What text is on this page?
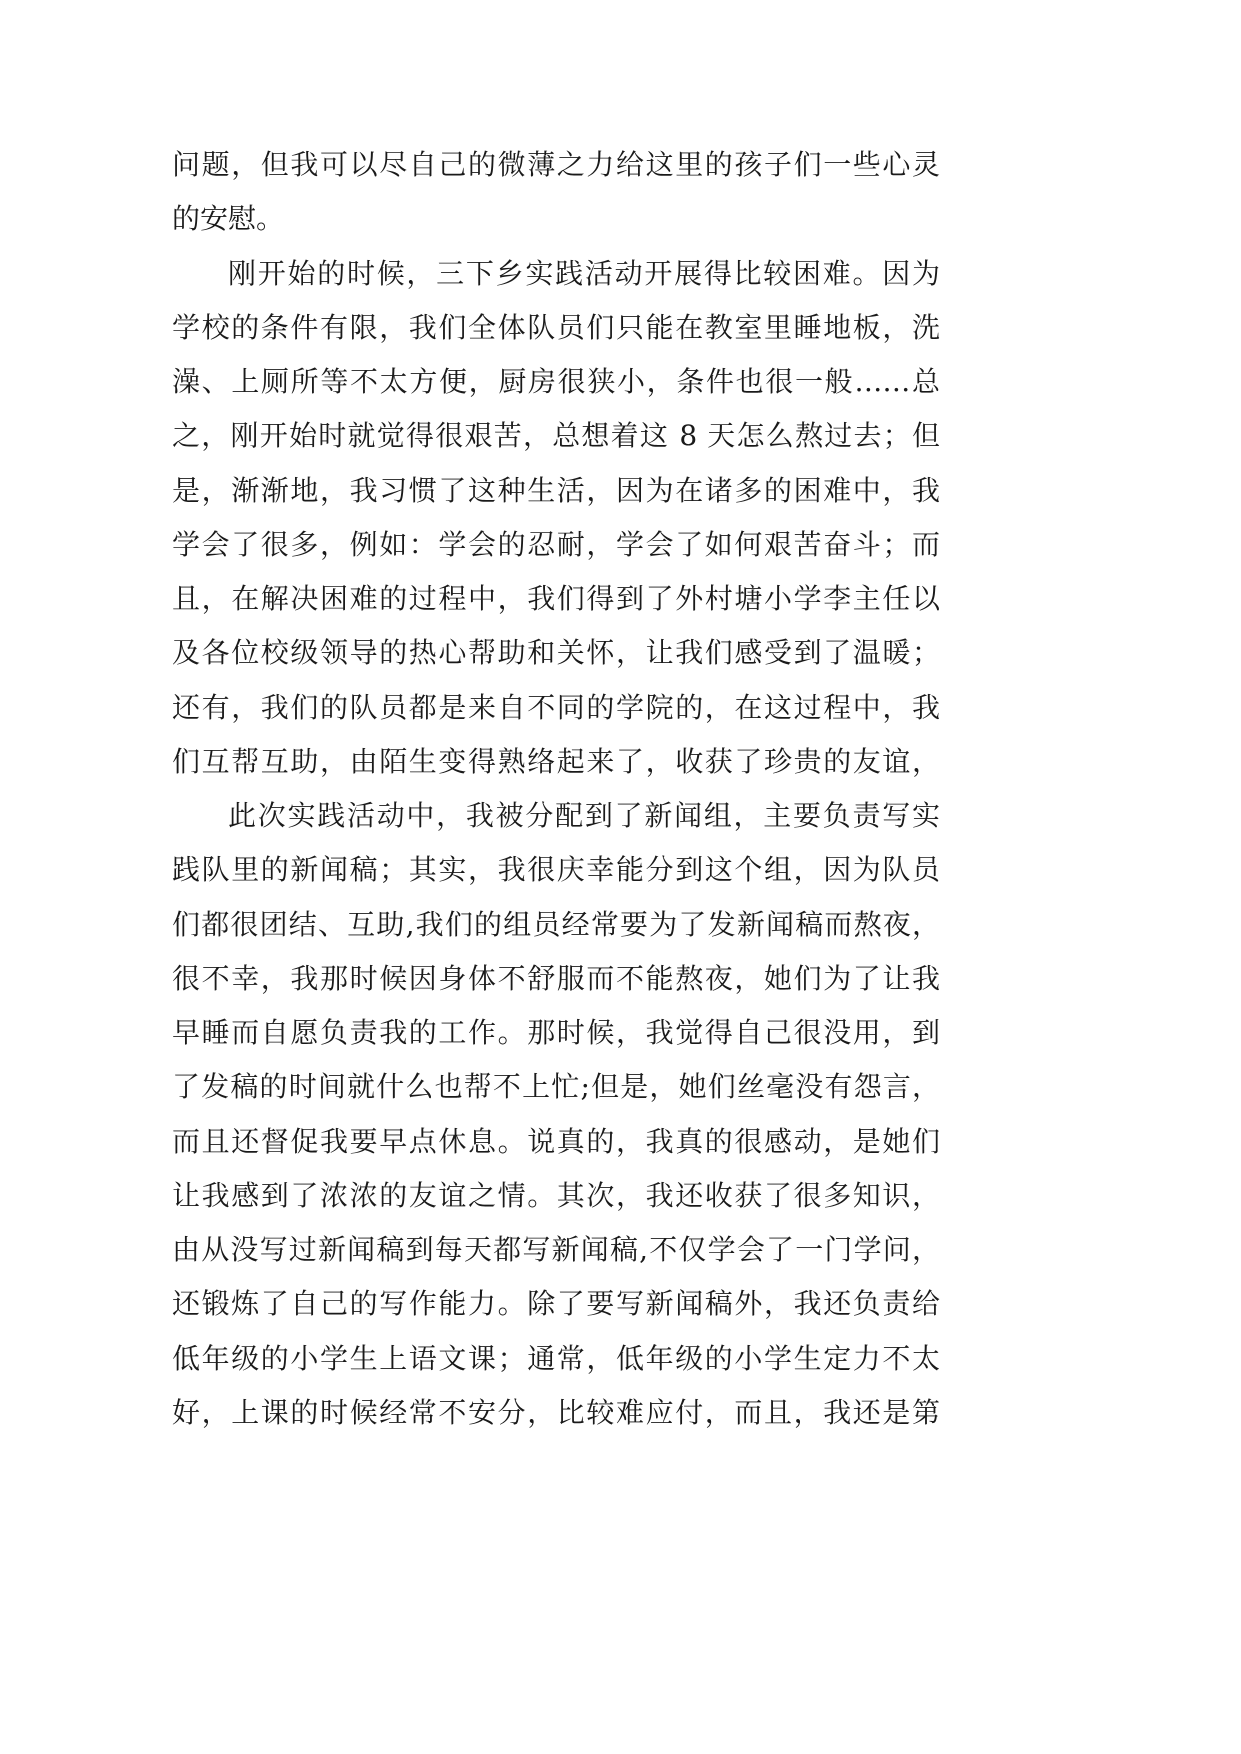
问题，但我可以尽自己的微薄之力给这里的孩子们一些心灵
的安慰。
刚开始的时候，三下乡实践活动开展得比较困难。因为
学校的条件有限，我们全体队员们只能在教室里睡地板，洗
澡、上厕所等不太方便，厨房很狭小，条件也很一般……总
之，刚开始时就觉得很艰苦，总想着这 8 天怎么熬过去；但
是，渐渐地，我习惯了这种生活，因为在诸多的困难中，我
学会了很多，例如：学会的忍耐，学会了如何艰苦奋斗；而
且，在解决困难的过程中，我们得到了外村塘小学李主任以
及各位校级领导的热心帮助和关怀，让我们感受到了温暖；
还有，我们的队员都是来自不同的学院的，在这过程中，我
们互帮互助，由陌生变得熟络起来了，收获了珍贵的友谊，
此次实践活动中，我被分配到了新闻组，主要负责写实
践队里的新闻稿；其实，我很庆幸能分到这个组，因为队员
们都很团结、互助,我们的组员经常要为了发新闻稿而熬夜，
很不幸，我那时候因身体不舒服而不能熬夜，她们为了让我
早睡而自愿负责我的工作。那时候，我觉得自己很没用，到
了发稿的时间就什么也帮不上忙;但是，她们丝毫没有怨言，
而且还督促我要早点休息。说真的，我真的很感动，是她们
让我感到了浓浓的友谊之情。其次，我还收获了很多知识，
由从没写过新闻稿到每天都写新闻稿,不仅学会了一门学问，
还锻炼了自己的写作能力。除了要写新闻稿外，我还负责给
低年级的小学生上语文课；通常，低年级的小学生定力不太
好，上课的时候经常不安分，比较难应付，而且，我还是第
